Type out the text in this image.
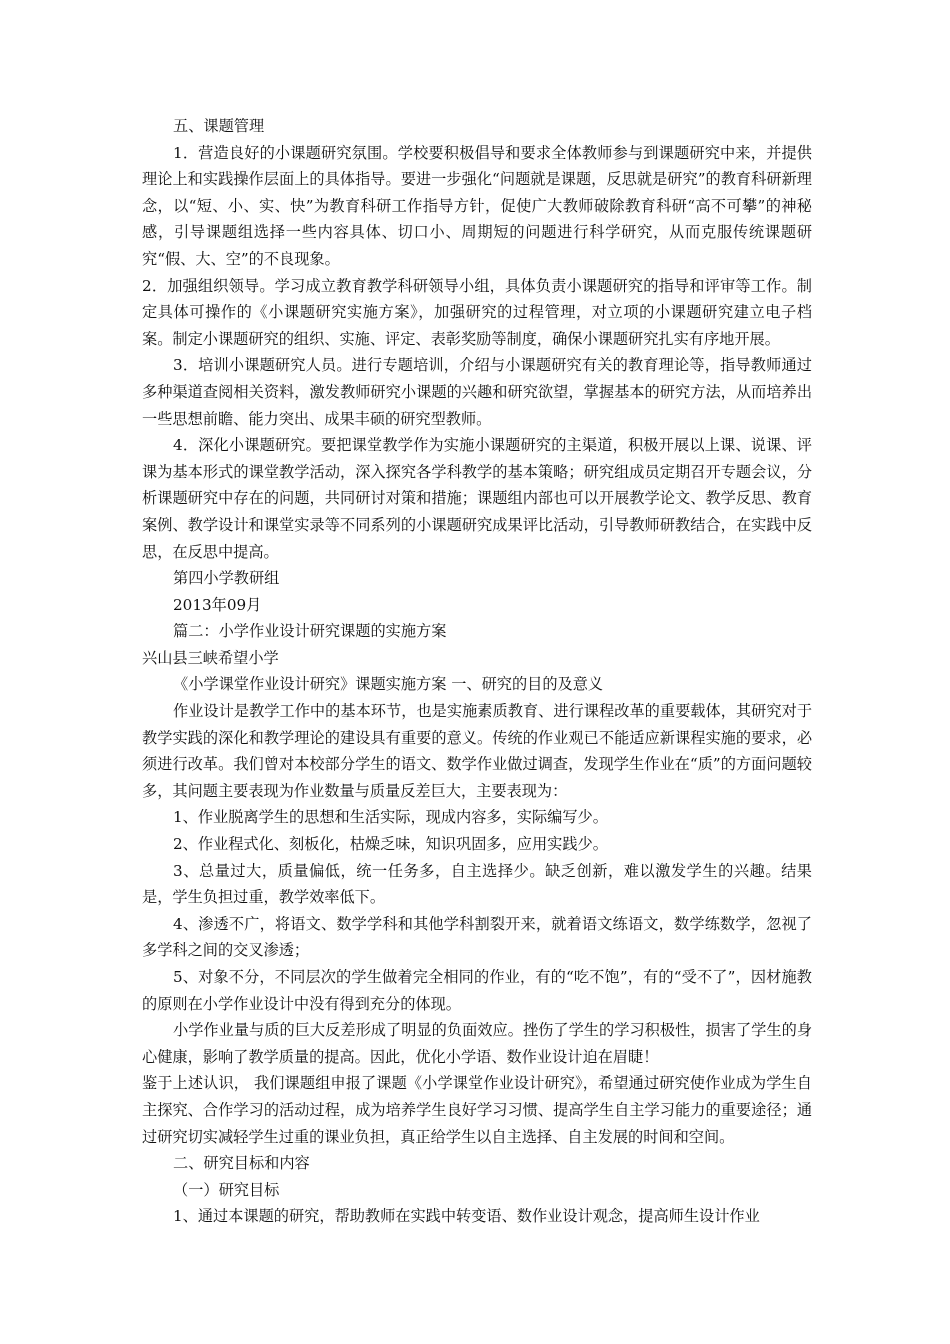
五、课题管理

1．营造良好的小课题研究氛围。学校要积极倡导和要求全体教师参与到课题研究中来，并提供理论上和实践操作层面上的具体指导。要进一步强化“问题就是课题，反思就是研究”的教育科研新理念，以“短、小、实、快”为教育科研工作指导方针，促使广大教师破除教育科研“高不可攀”的神秘感，引导课题组选择一些内容具体、切口小、周期短的问题进行科学研究，从而克服传统课题研究“假、大、空”的不良现象。

2．加强组织领导。学习成立教育教学科研领导小组，具体负责小课题研究的指导和评审等工作。制定具体可操作的《小课题研究实施方案》，加强研究的过程管理，对立项的小课题研究建立电子档案。制定小课题研究的组织、实施、评定、表彰奖励等制度，确保小课题研究扎实有序地开展。

3．培训小课题研究人员。进行专题培训，介绍与小课题研究有关的教育理论等，指导教师通过多种渠道查阅相关资料，激发教师研究小课题的兴趣和研究欲望，掌握基本的研究方法，从而培养出一些思想前瞻、能力突出、成果丰硕的研究型教师。

4．深化小课题研究。要把课堂教学作为实施小课题研究的主渠道，积极开展以上课、说课、评课为基本形式的课堂教学活动，深入探究各学科教学的基本策略；研究组成员定期召开专题会议，分析课题研究中存在的问题，共同研讨对策和措施；课题组内部也可以开展教学论文、教学反思、教育案例、教学设计和课堂实录等不同系列的小课题研究成果评比活动，引导教师研教结合，在实践中反思，在反思中提高。

第四小学教研组

2013年09月

篇二：小学作业设计研究课题的实施方案

兴山县三峡希望小学

《小学课堂作业设计研究》课题实施方案 一、研究的目的及意义

作业设计是教学工作中的基本环节，也是实施素质教育、进行课程改革的重要载体，其研究对于教学实践的深化和教学理论的建设具有重要的意义。传统的作业观已不能适应新课程实施的要求，必须进行改革。我们曾对本校部分学生的语文、数学作业做过调查，发现学生作业在“质”的方面问题较多，其问题主要表现为作业数量与质量反差巨大，主要表现为：

1、作业脱离学生的思想和生活实际，现成内容多，实际编写少。

2、作业程式化、刻板化，枯燥乏味，知识巩固多，应用实践少。

3、总量过大，质量偏低，统一任务多，自主选择少。缺乏创新，难以激发学生的兴趣。结果是，学生负担过重，教学效率低下。

4、渗透不广，将语文、数学学科和其他学科割裂开来，就着语文练语文，数学练数学，忽视了多学科之间的交叉渗透；

5、对象不分，不同层次的学生做着完全相同的作业，有的“吃不饱”，有的“受不了”，因材施教的原则在小学作业设计中没有得到充分的体现。

小学作业量与质的巨大反差形成了明显的负面效应。挫伤了学生的学习积极性，损害了学生的身心健康，影响了教学质量的提高。因此，优化小学语、数作业设计迫在眉睫！

鉴于上述认识， 我们课题组申报了课题《小学课堂作业设计研究》，希望通过研究使作业成为学生自主探究、合作学习的活动过程，成为培养学生良好学习习惯、提高学生自主学习能力的重要途径；通过研究切实减轻学生过重的课业负担，真正给学生以自主选择、自主发展的时间和空间。

二、研究目标和内容

（一）研究目标

1、通过本课题的研究，帮助教师在实践中转变语、数作业设计观念，提高师生设计作业
